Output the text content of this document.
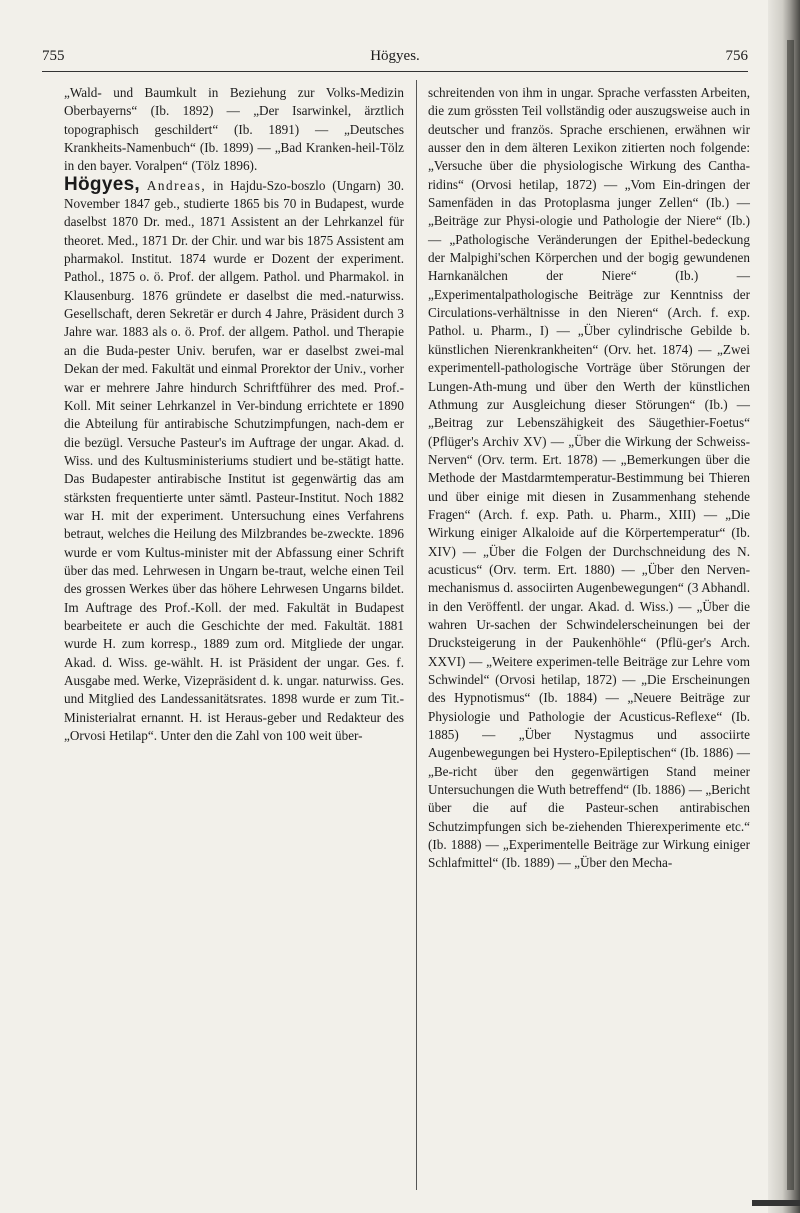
755	Högyes.	756

„Wald- und Baumkult in Beziehung zur Volks-Medizin Oberbayerns“ (Ib. 1892) — „Der Isarwinkel, ärztlich topographisch geschildert“ (Ib. 1891) — „Deutsches Krankheits-Namenbuch“ (Ib. 1899) — „Bad Kranken-heil-Tölz in den bayer. Voralpen“ (Tölz 1896).

Högyes, Andreas, in Hajdu-Szo-boszlo (Ungarn) 30. November 1847 geb., studierte 1865 bis 70 in Budapest, wurde daselbst 1870 Dr. med., 1871 Assistent an der Lehrkanzel für theoret. Med., 1871 Dr. der Chir. und war bis 1875 Assistent am pharmakol. Institut. 1874 wurde er Dozent der experiment. Pathol., 1875 o. ö. Prof. der allgem. Pathol. und Pharmakol. in Klausenburg. 1876 gründete er daselbst die med.-naturwiss. Gesellschaft, deren Sekretär er durch 4 Jahre, Präsident durch 3 Jahre war. 1883 als o. ö. Prof. der allgem. Pathol. und Therapie an die Buda-pester Univ. berufen, war er daselbst zwei-mal Dekan der med. Fakultät und einmal Prorektor der Univ., vorher war er mehrere Jahre hindurch Schriftführer des med. Prof.-Koll. Mit seiner Lehrkanzel in Ver-bindung errichtete er 1890 die Abteilung für antirabische Schutzimpfungen, nach-dem er die bezügl. Versuche Pasteur's im Auftrage der ungar. Akad. d. Wiss. und des Kultusministeriums studiert und be-stätigt hatte. Das Budapester antirabische Institut ist gegenwärtig das am stärksten frequentierte unter sämtl. Pasteur-Institut. Noch 1882 war H. mit der experiment. Untersuchung eines Verfahrens betraut, welches die Heilung des Milzbrandes be-zweckte. 1896 wurde er vom Kultus-minister mit der Abfassung einer Schrift über das med. Lehrwesen in Ungarn be-traut, welche einen Teil des grossen Werkes über das höhere Lehrwesen Ungarns bildet. Im Auftrage des Prof.-Koll. der med. Fakultät in Budapest bearbeitete er auch die Geschichte der med. Fakultät. 1881 wurde H. zum korresp., 1889 zum ord. Mitgliede der ungar. Akad. d. Wiss. ge-wählt. H. ist Präsident der ungar. Ges. f. Ausgabe med. Werke, Vizepräsident d. k. ungar. naturwiss. Ges. und Mitglied des Landessanitätsrates. 1898 wurde er zum Tit.-Ministerialrat ernannt. H. ist Heraus-geber und Redakteur des „Orvosi Hetilap“. Unter den die Zahl von 100 weit über-

schreitenden von ihm in ungar. Sprache verfassten Arbeiten, die zum grössten Teil vollständig oder auszugsweise auch in deutscher und französ. Sprache erschienen, erwähnen wir ausser den in dem älteren Lexikon zitierten noch folgende: „Versuche über die physiologische Wirkung des Cantha-ridins“ (Orvosi hetilap, 1872) — „Vom Ein-dringen der Samenfäden in das Protoplasma junger Zellen“ (Ib.) — „Beiträge zur Physi-ologie und Pathologie der Niere“ (Ib.) — „Pathologische Veränderungen der Epithel-bedeckung der Malpighi'schen Körperchen und der bogig gewundenen Harnkanälchen der Niere“ (Ib.) — „Experimentalpathologische Beiträge zur Kenntniss der Circulations-verhältnisse in den Nieren“ (Arch. f. exp. Pathol. u. Pharm., I) — „Über cylindrische Gebilde b. künstlichen Nierenkrankheiten“ (Orv. het. 1874) — „Zwei experimentell-pathologische Vorträge über Störungen der Lungen-Ath-mung und über den Werth der künstlichen Athmung zur Ausgleichung dieser Störungen“ (Ib.) — „Beitrag zur Lebenszähigkeit des Säugethier-Foetus“ (Pflüger's Archiv XV) — „Über die Wirkung der Schweiss-Nerven“ (Orv. term. Ert. 1878) — „Bemerkungen über die Methode der Mastdarmtemperatur-Bestimmung bei Thieren und über einige mit diesen in Zusammenhang stehende Fragen“ (Arch. f. exp. Path. u. Pharm., XIII) — „Die Wirkung einiger Alkaloide auf die Körpertemperatur“ (Ib. XIV) — „Über die Folgen der Durchschneidung des N. acusticus“ (Orv. term. Ert. 1880) — „Über den Nerven-mechanismus d. associirten Augenbewegungen“ (3 Abhandl. in den Veröffentl. der ungar. Akad. d. Wiss.) — „Über die wahren Ur-sachen der Schwindelerscheinungen bei der Drucksteigerung in der Paukenhöhle“ (Pflü-ger's Arch. XXVI) — „Weitere experimen-telle Beiträge zur Lehre vom Schwindel“ (Orvosi hetilap, 1872) — „Die Erscheinungen des Hypnotismus“ (Ib. 1884) — „Neuere Beiträge zur Physiologie und Pathologie der Acusticus-Reflexe“ (Ib. 1885) — „Über Nystagmus und associirte Augenbewegungen bei Hystero-Epileptischen“ (Ib. 1886) — „Be-richt über den gegenwärtigen Stand meiner Untersuchungen die Wuth betreffend“ (Ib. 1886) — „Bericht über die auf die Pasteur-schen antirabischen Schutzimpfungen sich be-ziehenden Thierexperimente etc.“ (Ib. 1888) — „Experimentelle Beiträge zur Wirkung einiger Schlafmittel“ (Ib. 1889) — „Über den Mecha-
